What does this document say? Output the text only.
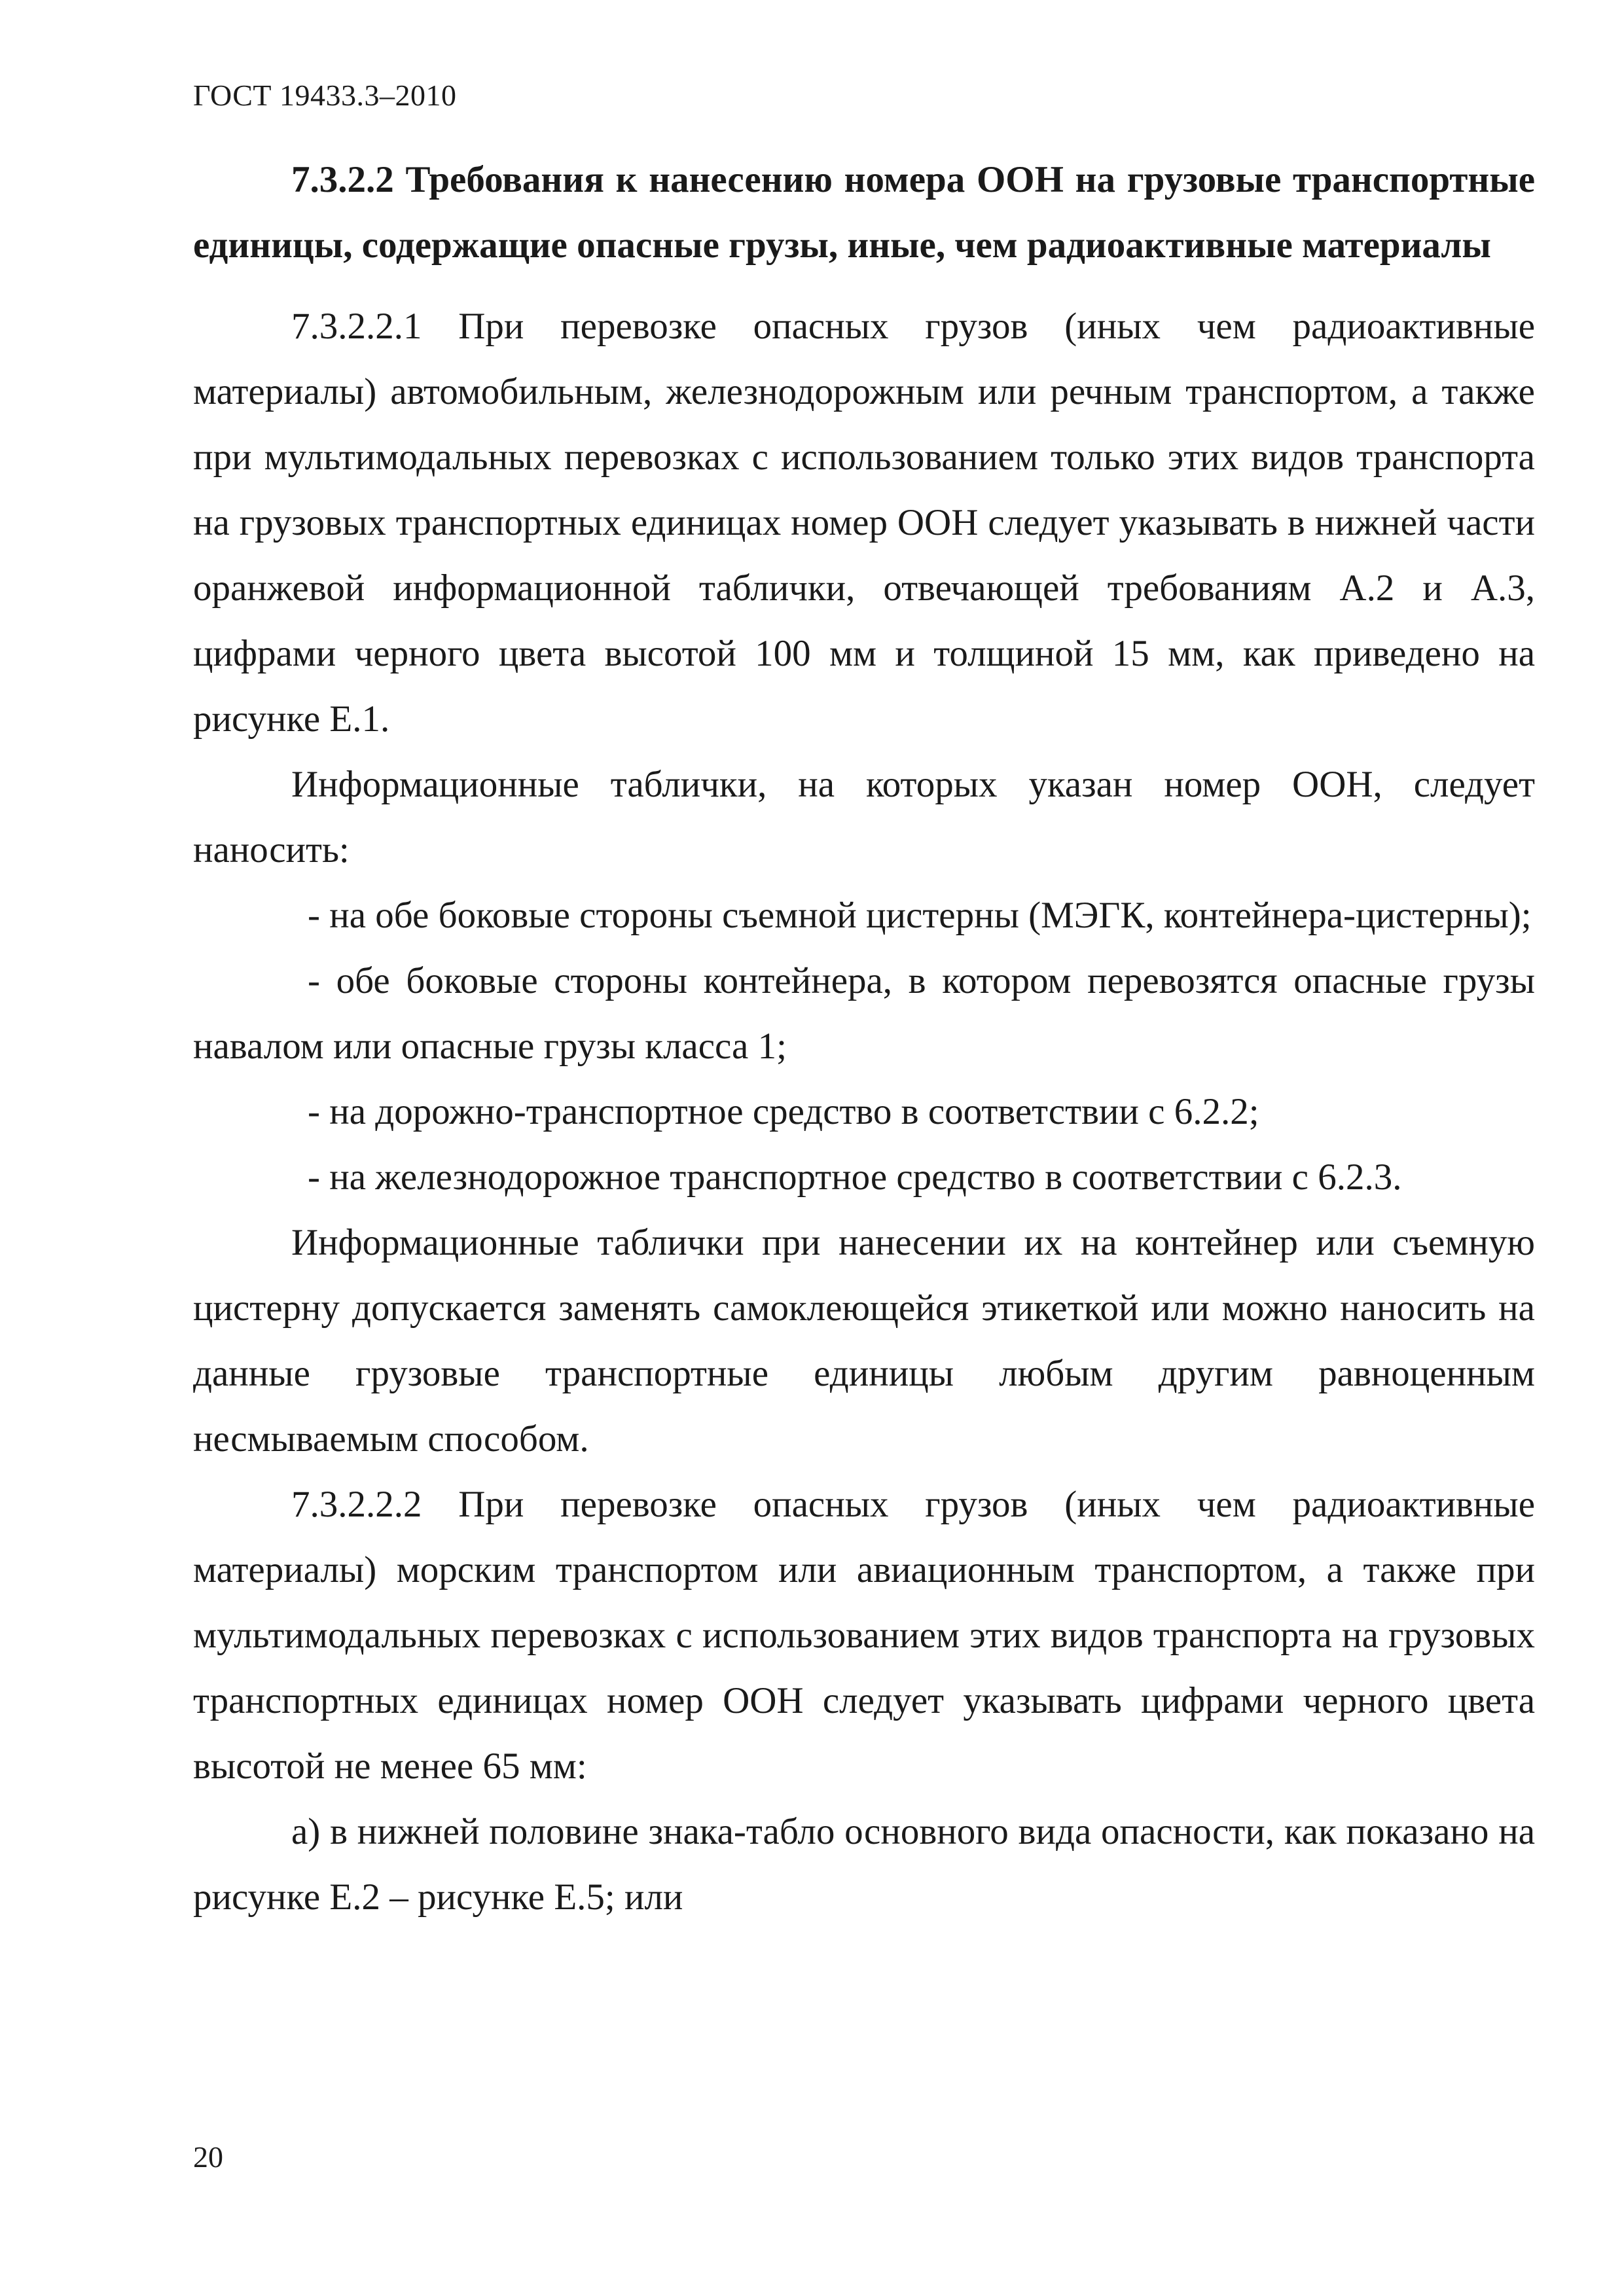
ГОСТ 19433.3–2010

7.3.2.2 Требования к нанесению номера ООН на грузовые транспортные единицы, содержащие опасные грузы, иные, чем радиоактивные материалы

7.3.2.2.1 При перевозке опасных грузов (иных чем радиоактивные материалы) автомобильным, железнодорожным или речным транспортом, а также при мультимодальных перевозках с использованием только этих видов транспорта на грузовых транспортных единицах номер ООН следует указывать в нижней части оранжевой информационной таблички, отвечающей требованиям А.2 и А.3, цифрами черного цвета высотой 100 мм и толщиной 15 мм, как приведено на рисунке Е.1.

Информационные таблички, на которых указан номер ООН, следует наносить:

- на обе боковые стороны съемной цистерны (МЭГК, контейнера-цистерны);

- обе боковые стороны контейнера, в котором перевозятся опасные грузы навалом или опасные грузы класса 1;

- на дорожно-транспортное средство в соответствии с 6.2.2;

- на железнодорожное транспортное средство в соответствии с 6.2.3.

Информационные таблички при нанесении их на контейнер или съемную цистерну допускается заменять самоклеющейся этикеткой или можно наносить на данные грузовые транспортные единицы любым другим равноценным несмываемым способом.

7.3.2.2.2 При перевозке опасных грузов (иных чем радиоактивные материалы) морским транспортом или авиационным транспортом, а также при мультимодальных перевозках с использованием этих видов транспорта на грузовых транспортных единицах номер ООН следует указывать цифрами черного цвета высотой не менее 65 мм:

а) в нижней половине знака-табло основного вида опасности, как показано на рисунке Е.2 – рисунке Е.5; или

20
